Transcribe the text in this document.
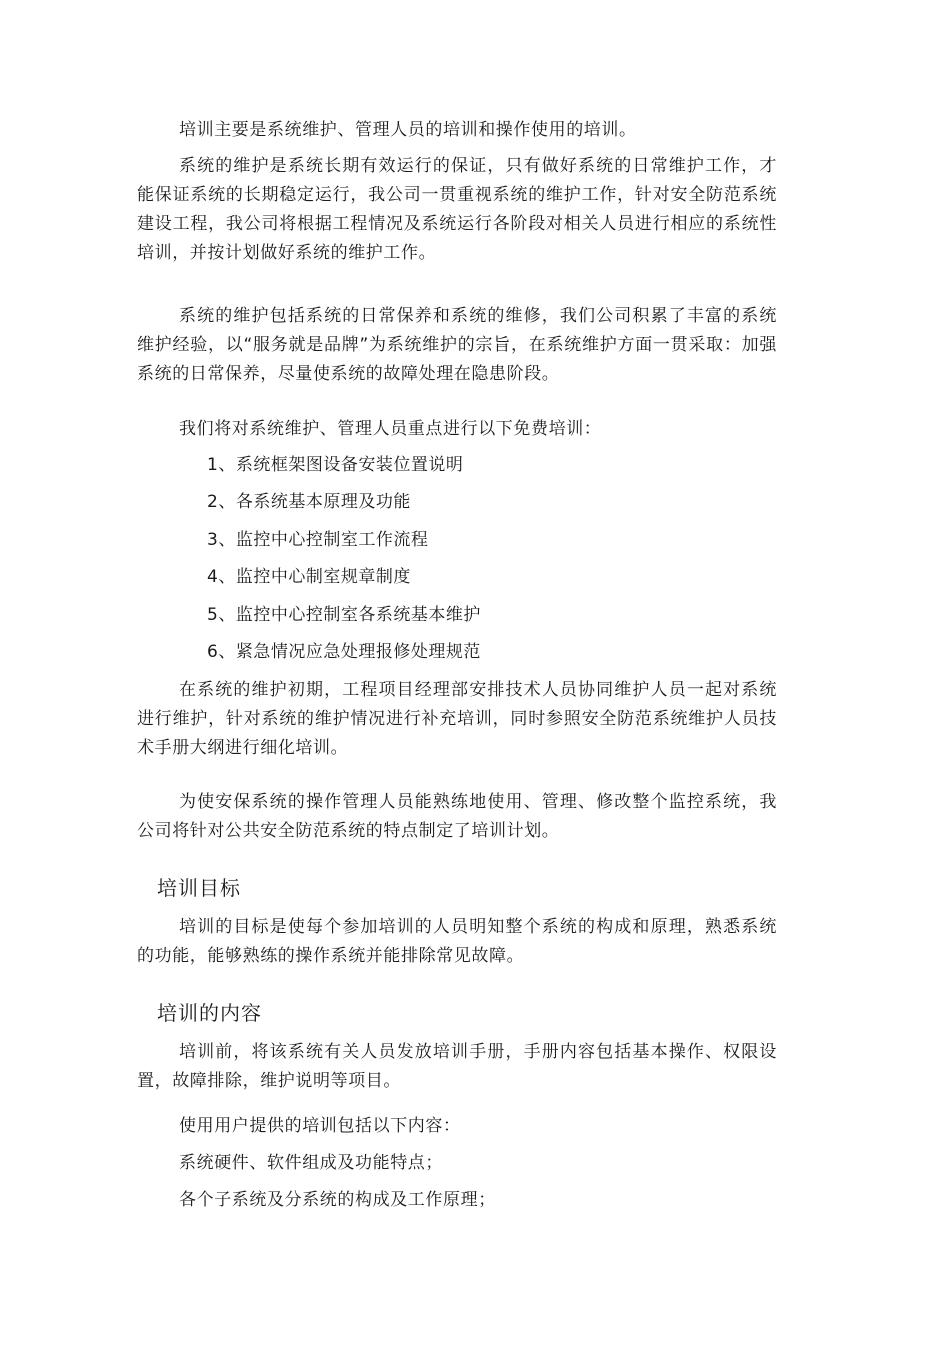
培训主要是系统维护、管理人员的培训和操作使用的培训。
系统的维护是系统长期有效运行的保证，只有做好系统的日常维护工作，才能保证系统的长期稳定运行，我公司一贯重视系统的维护工作，针对安全防范系统建设工程，我公司将根据工程情况及系统运行各阶段对相关人员进行相应的系统性培训，并按计划做好系统的维护工作。
系统的维护包括系统的日常保养和系统的维修，我们公司积累了丰富的系统维护经验，以“服务就是品牌”为系统维护的宗旨，在系统维护方面一贯采取：加强系统的日常保养，尽量使系统的故障处理在隐患阶段。
我们将对系统维护、管理人员重点进行以下免费培训：
1、系统框架图设备安装位置说明
2、各系统基本原理及功能
3、监控中心控制室工作流程
4、监控中心制室规章制度
5、监控中心控制室各系统基本维护
6、紧急情况应急处理报修处理规范
在系统的维护初期，工程项目经理部安排技术人员协同维护人员一起对系统进行维护，针对系统的维护情况进行补充培训，同时参照安全防范系统维护人员技术手册大纲进行细化培训。
为使安保系统的操作管理人员能熟练地使用、管理、修改整个监控系统，我公司将针对公共安全防范系统的特点制定了培训计划。
培训目标
培训的目标是使每个参加培训的人员明知整个系统的构成和原理，熟悉系统的功能，能够熟练的操作系统并能排除常见故障。
培训的内容
培训前，将该系统有关人员发放培训手册，手册内容包括基本操作、权限设置，故障排除，维护说明等项目。
使用用户提供的培训包括以下内容：
系统硬件、软件组成及功能特点；
各个子系统及分系统的构成及工作原理；
